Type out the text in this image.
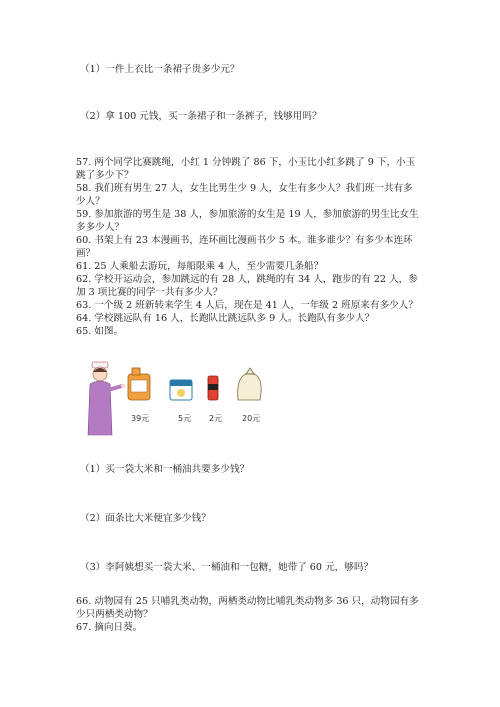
（1）一件上衣比一条裙子贵多少元？
（2）拿 100 元钱，买一条裙子和一条裤子，钱够用吗？
57. 两个同学比赛跳绳，小红 1 分钟跳了 86 下，小玉比小红多跳了 9 下，小玉
跳了多少下？
58. 我们班有男生 27 人，女生比男生少 9 人，女生有多少人？我们班一共有多
少人？
59. 参加旅游的男生是 38 人，参加旅游的女生是 19 人，参加旅游的男生比女生
多多少人？
60. 书架上有 23 本漫画书，连环画比漫画书少 5 本。谁多谁少？有多少本连环
画？
61. 25 人乘船去游玩，每船限乘 4 人，至少需要几条船？
62. 学校开运动会，参加跳远的有 28 人，跳绳的有 34 人，跑步的有 22 人，参
加 3 项比赛的同学一共有多少人？
63. 一个级 2 班新转来学生 4 人后，现在是 41 人，一年级 2 班原来有多少人？
64. 学校跳远队有 16 人，长跑队比跳远队多 9 人。长跑队有多少人？
65. 如图。
39元	5元 2元 20元
（1）买一袋大米和一桶油共要多少钱？
（2）面条比大米便宜多少钱？
（3）李阿姨想买一袋大米、一桶油和一包糖，她带了 60 元，够吗？
66. 动物园有 25 只哺乳类动物，两栖类动物比哺乳类动物多 36 只，动物园有多
少只两栖类动物？
67. 摘向日葵。
